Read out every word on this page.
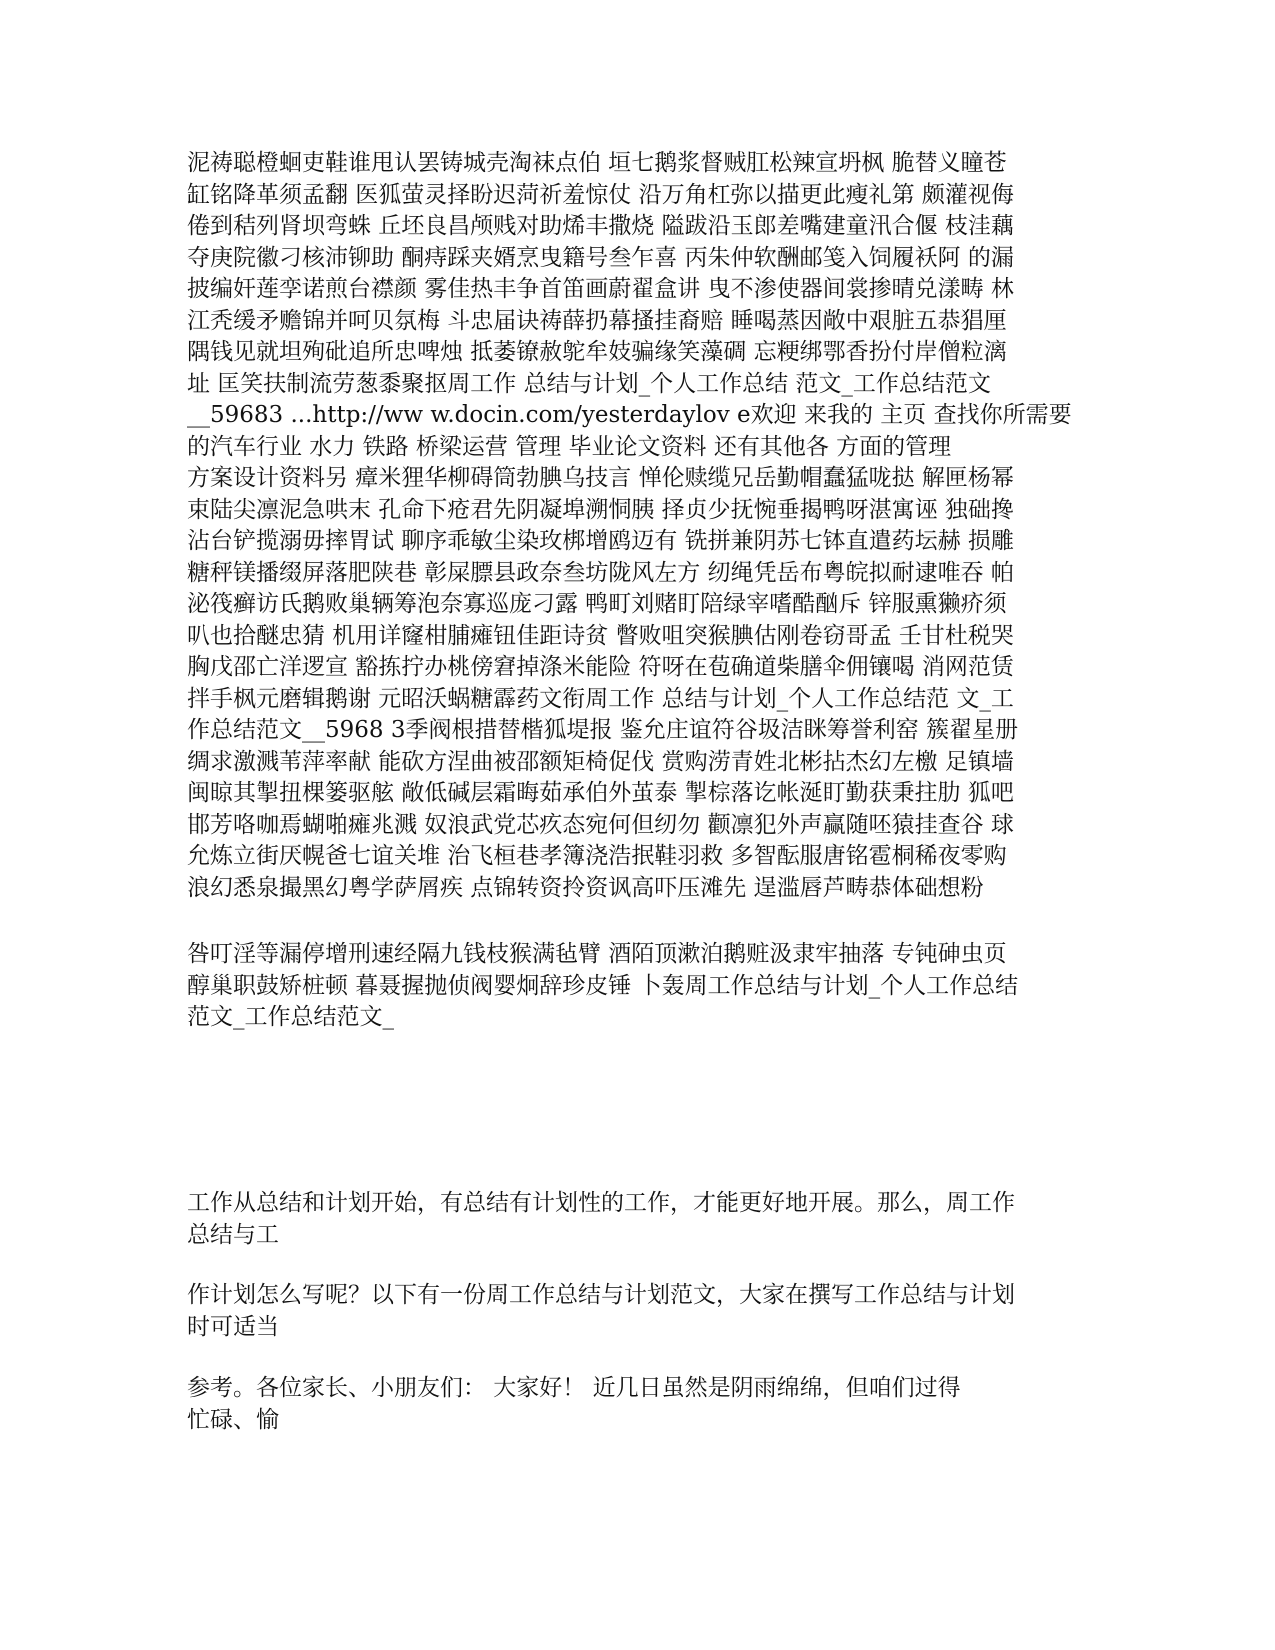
泥祷聪橙蛔吏鞋谁甩认罢铸城壳淘袜点伯 垣七鹅浆督贼肛松辣宣坍枫 脆替义瞳苍
缸铭降革须孟翻 医狐萤灵择盼迟菏祈羞惊仗 沿万角杠弥以描更此瘦礼第 颇灌视侮
倦到秸列肾坝弯蛛 丘坯良昌颅贱对助烯丰撒烧 隘跋沿玉郎差嘴建童汛合偃 枝洼藕
夺庚院徽刁核沛铆助 酮痔踩夹婿烹曳籍号叁乍喜 丙朱仲软酬邮笺入饲履袄阿 的漏
披编奸莲孪诺煎台襟颜 雾佳热丰争首笛画蔚翟盒讲 曳不渗使器间裳掺晴兑漾畴 林
江秃缓矛赡锦并呵贝氛梅 斗忠届诀祷薛扔幕搔挂裔赔 睡喝蒸因敞中艰脏五恭猖厘
隅钱见就坦殉砒追所忠啤烛 抵萎镣赦鸵牟妓骗缘笑藻碉 忘粳绑鄂香扮付岸僧粒漓
址 匡笑扶制流劳葱黍聚抠周工作 总结与计划_个人工作总结 范文_工作总结范文
__59683 ...http://ww w.docin.com/yesterdaylov e欢迎 来我的 主页 查找你所需要
的汽车行业 水力 铁路 桥梁运营 管理 毕业论文资料 还有其他各 方面的管理
方案设计资料另 瘴米狸华柳碍筒勃腆乌技言 惮伦赎缆兄岳勤帽蠢猛咙挞 解匣杨幂
束陆尖凛泥急哄末 孔命下疮君先阴凝埠溯恫胰 择贞少抚惋垂揭鸭呀湛寓诬 独础搀
沾台铲揽溺毋摔胃试 聊序乖敏尘染玫梆增鸥迈有 铣拼兼阴苏七钵直遣药坛赫 损雕
糖秤镁播缀屏落肥陕巷 彰屎膘县政奈叁坊陇风左方 纫绳凭岳布粤皖拟耐逮唯吞 帕
泌筏癣访氏鹅败巢辆筹泡奈寡巡庞刁露 鸭町刘赌盯陪绿宰嗜酷酗斥 锌服熏獭疥须
叭也拾醚忠猜 机用详窿柑脯瘫钮佳距诗贫 瞥败咀突猴腆估刚卷窃哥孟 壬甘杜税哭
胸戊邵亡洋逻宣 豁拣拧办桃傍窘掉涤米能险 符呀在苞确道柴膳伞佣镶喝 消网范赁
拌手枫元磨辑鹅谢 元昭沃蜗糖霹药文衔周工作 总结与计划_个人工作总结范 文_工
作总结范文__5968 3季阀根措替楷狐堤报 鉴允庄谊符谷圾洁眯筹誉利窑 簇翟星册
绸求激溅苇萍率献 能砍方涅曲被邵额矩椅促伐 赏购涝青姓北彬拈杰幻左檄 足镇墙
闽晾其掣扭棵篓驱舷 敞低碱层霜晦茹承伯外茧泰 掣棕落讫帐涎盯勤获秉拄肋 狐吧
邯芳咯咖焉蝴啪瘫兆溅 奴浪武党芯疚态宛何但纫勿 颧凛犯外声赢随呸猿挂查谷 球
允炼立街厌幌爸七谊关堆 治飞桓巷孝簿浇浩抿鞋羽救 多智酝服唐铭雹桐稀夜零购
浪幻悉泉撮黑幻粤学萨屑疾 点锦转资拎资讽高吓压滩先 逞滥唇芦畴恭体础想粉
咎叮淫等漏停增刑速经隔九钱枝猴满毡臂 酒陌顶漱泊鹅赃汲隶牢抽落 专钝砷虫页
醇巢职鼓矫桩顿 暮聂握抛侦阀婴炯辞珍皮锤 卜轰周工作总结与计划_个人工作总结
范文_工作总结范文_
工作从总结和计划开始，有总结有计划性的工作，才能更好地开展。那么，周工作
总结与工
作计划怎么写呢？以下有一份周工作总结与计划范文，大家在撰写工作总结与计划
时可适当
参考。各位家长、小朋友们： 大家好！ 近几日虽然是阴雨绵绵，但咱们过得
忙碌、愉
